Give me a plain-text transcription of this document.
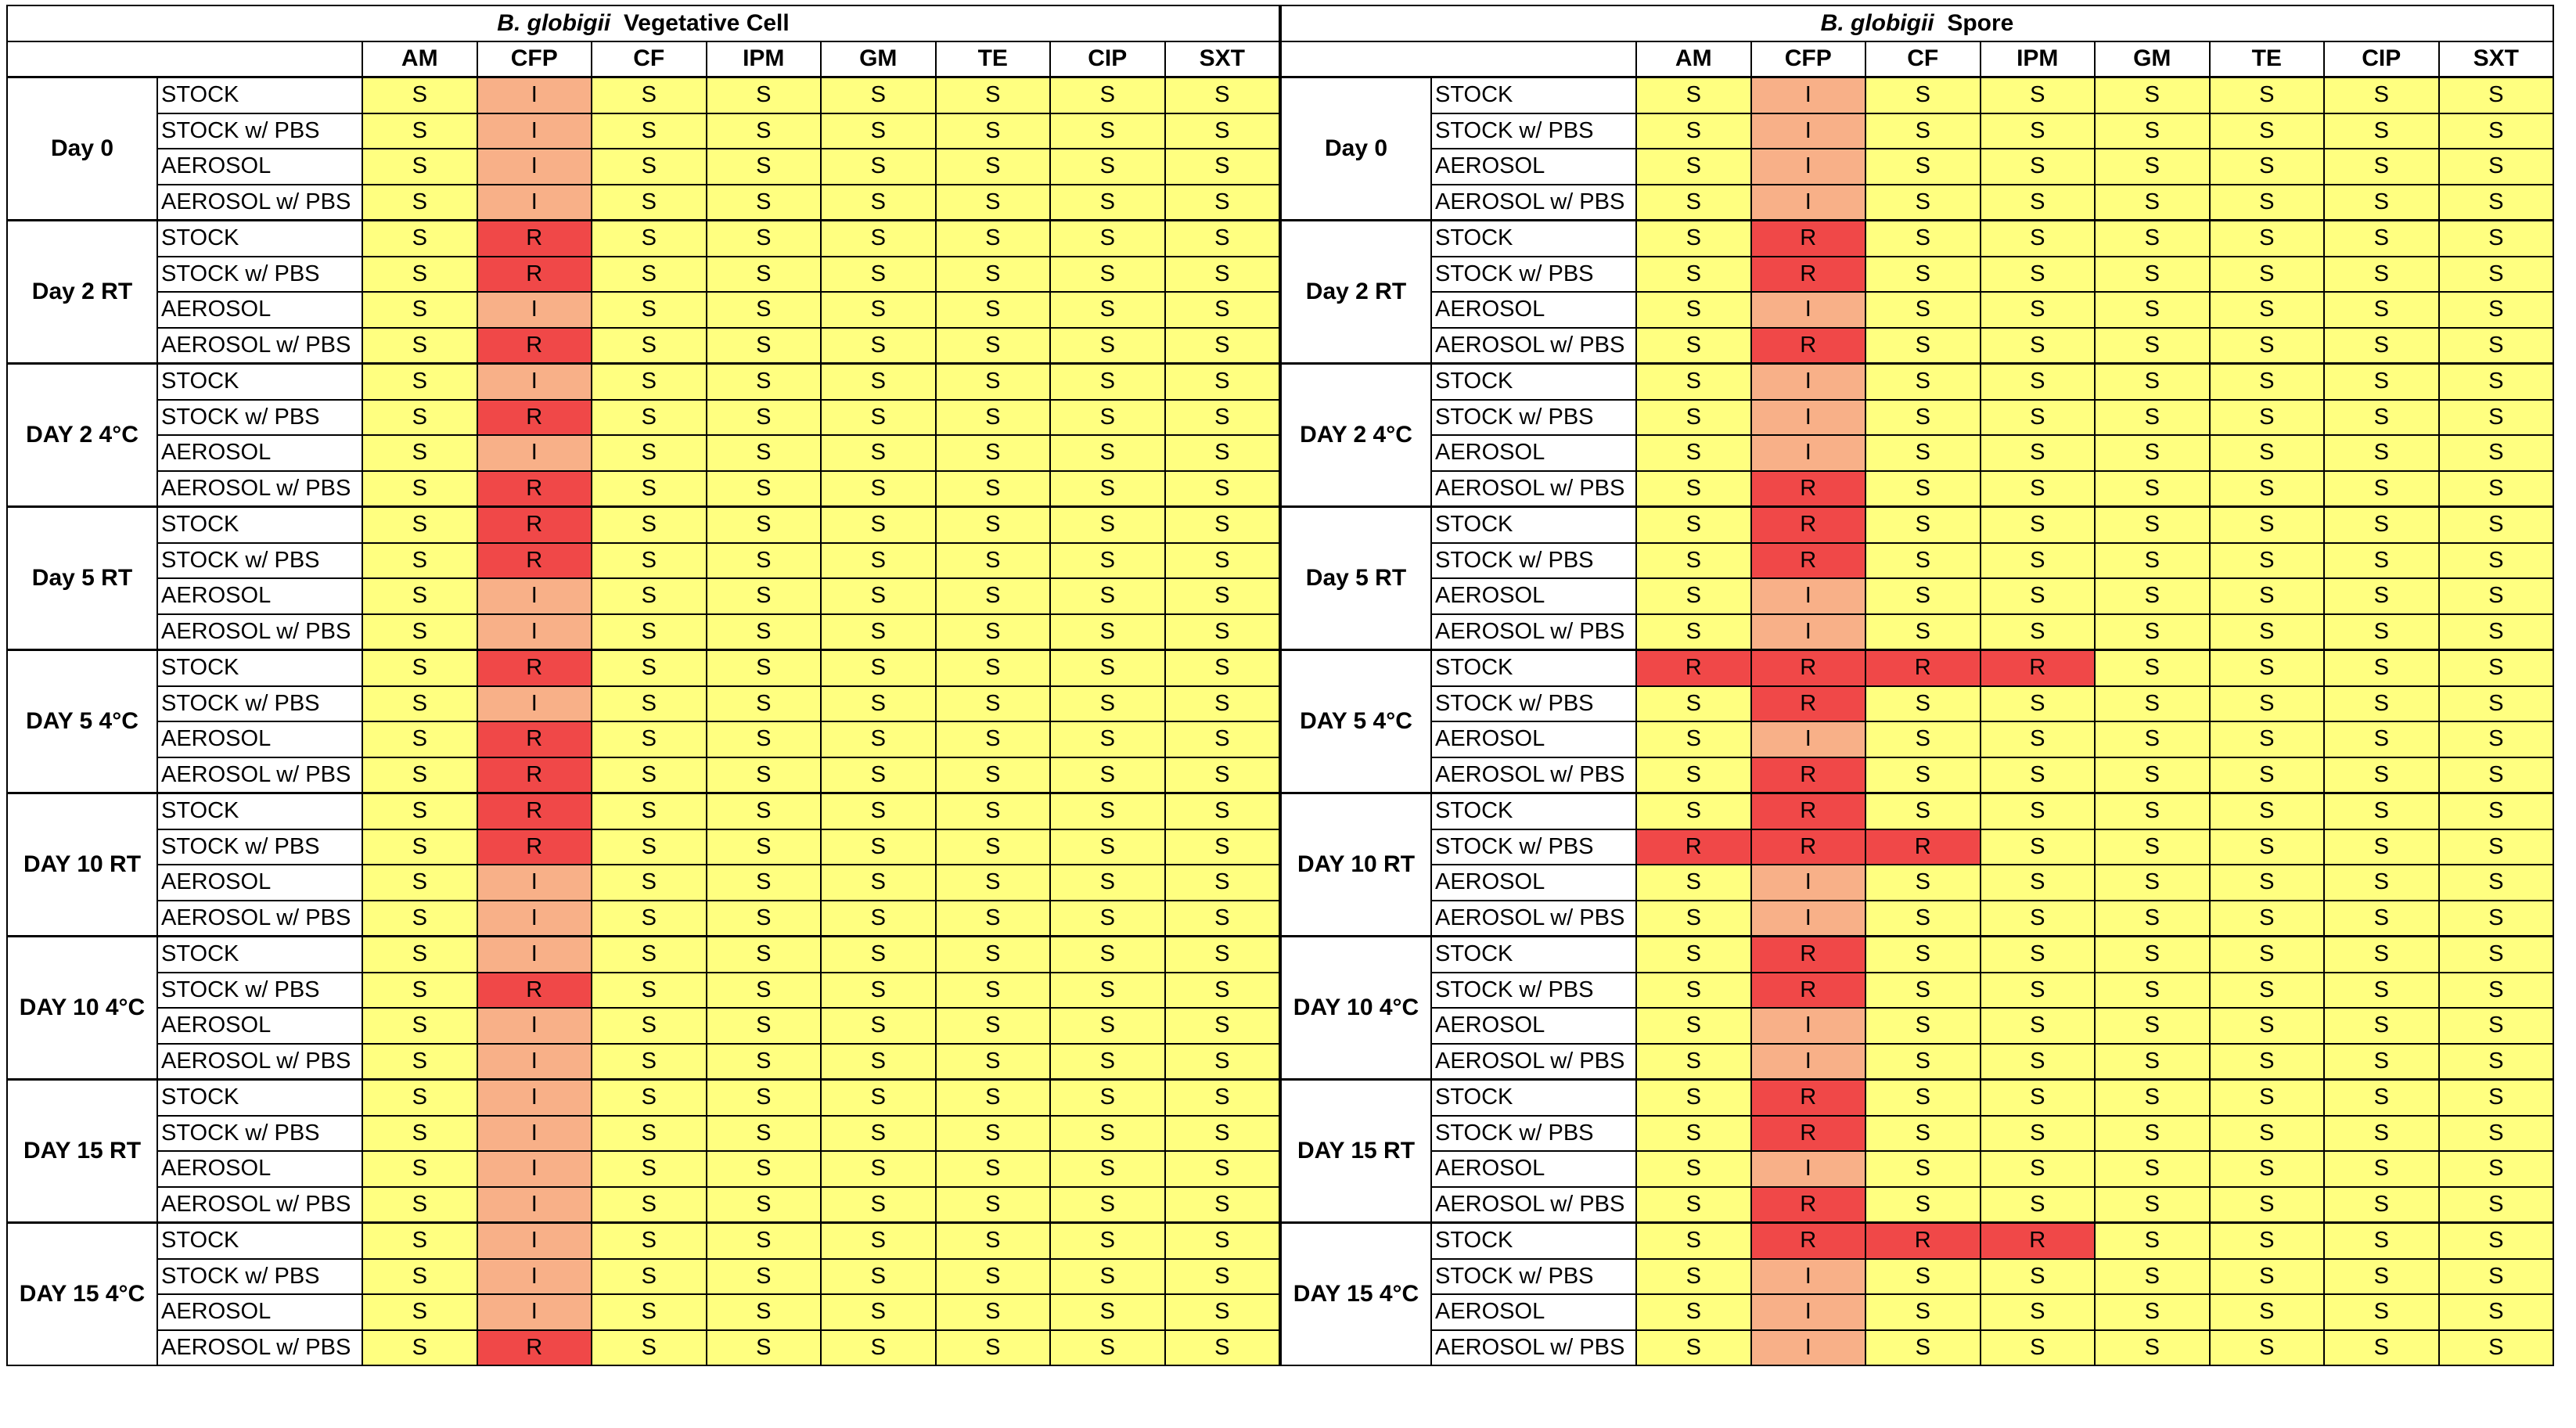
B. globigii Vegetative Cell									
		AM	CFP	CF	IPM	GM	TE	CIP	SXT
Day 0	STOCK	S	I	S	S	S	S	S	S
	STOCK w/ PBS	S	I	S	S	S	S	S	S
	AEROSOL	S	I	S	S	S	S	S	S
	AEROSOL w/ PBS	S	I	S	S	S	S	S	S
Day 2 RT	STOCK	S	R	S	S	S	S	S	S
	STOCK w/ PBS	S	R	S	S	S	S	S	S
	AEROSOL	S	I	S	S	S	S	S	S
	AEROSOL w/ PBS	S	R	S	S	S	S	S	S
DAY 2 4°C	STOCK	S	I	S	S	S	S	S	S
	STOCK w/ PBS	S	R	S	S	S	S	S	S
	AEROSOL	S	I	S	S	S	S	S	S
	AEROSOL w/ PBS	S	R	S	S	S	S	S	S
Day 5 RT	STOCK	S	R	S	S	S	S	S	S
	STOCK w/ PBS	S	R	S	S	S	S	S	S
	AEROSOL	S	I	S	S	S	S	S	S
	AEROSOL w/ PBS	S	I	S	S	S	S	S	S
DAY 5 4°C	STOCK	S	R	S	S	S	S	S	S
	STOCK w/ PBS	S	I	S	S	S	S	S	S
	AEROSOL	S	R	S	S	S	S	S	S
	AEROSOL w/ PBS	S	R	S	S	S	S	S	S
DAY 10 RT	STOCK	S	R	S	S	S	S	S	S
	STOCK w/ PBS	S	R	S	S	S	S	S	S
	AEROSOL	S	I	S	S	S	S	S	S
	AEROSOL w/ PBS	S	I	S	S	S	S	S	S
DAY 10 4°C	STOCK	S	I	S	S	S	S	S	S
	STOCK w/ PBS	S	R	S	S	S	S	S	S
	AEROSOL	S	I	S	S	S	S	S	S
	AEROSOL w/ PBS	S	I	S	S	S	S	S	S
DAY 15 RT	STOCK	S	I	S	S	S	S	S	S
	STOCK w/ PBS	S	I	S	S	S	S	S	S
	AEROSOL	S	I	S	S	S	S	S	S
	AEROSOL w/ PBS	S	I	S	S	S	S	S	S
DAY 15 4°C	STOCK	S	I	S	S	S	S	S	S
	STOCK w/ PBS	S	I	S	S	S	S	S	S
	AEROSOL	S	I	S	S	S	S	S	S
	AEROSOL w/ PBS	S	R	S	S	S	S	S	S
B. globigii Spore									
		AM	CFP	CF	IPM	GM	TE	CIP	SXT
Day 0	STOCK	S	I	S	S	S	S	S	S
	STOCK w/ PBS	S	I	S	S	S	S	S	S
	AEROSOL	S	I	S	S	S	S	S	S
	AEROSOL w/ PBS	S	I	S	S	S	S	S	S
Day 2 RT	STOCK	S	R	S	S	S	S	S	S
	STOCK w/ PBS	S	R	S	S	S	S	S	S
	AEROSOL	S	I	S	S	S	S	S	S
	AEROSOL w/ PBS	S	R	S	S	S	S	S	S
DAY 2 4°C	STOCK	S	I	S	S	S	S	S	S
	STOCK w/ PBS	S	I	S	S	S	S	S	S
	AEROSOL	S	I	S	S	S	S	S	S
	AEROSOL w/ PBS	S	R	S	S	S	S	S	S
Day 5 RT	STOCK	S	R	S	S	S	S	S	S
	STOCK w/ PBS	S	R	S	S	S	S	S	S
	AEROSOL	S	I	S	S	S	S	S	S
	AEROSOL w/ PBS	S	I	S	S	S	S	S	S
DAY 5 4°C	STOCK	R	R	R	R	S	S	S	S
	STOCK w/ PBS	S	R	S	S	S	S	S	S
	AEROSOL	S	I	S	S	S	S	S	S
	AEROSOL w/ PBS	S	R	S	S	S	S	S	S
DAY 10 RT	STOCK	S	R	S	S	S	S	S	S
	STOCK w/ PBS	R	R	R	S	S	S	S	S
	AEROSOL	S	I	S	S	S	S	S	S
	AEROSOL w/ PBS	S	I	S	S	S	S	S	S
DAY 10 4°C	STOCK	S	R	S	S	S	S	S	S
	STOCK w/ PBS	S	R	S	S	S	S	S	S
	AEROSOL	S	I	S	S	S	S	S	S
	AEROSOL w/ PBS	S	I	S	S	S	S	S	S
DAY 15 RT	STOCK	S	R	S	S	S	S	S	S
	STOCK w/ PBS	S	R	S	S	S	S	S	S
	AEROSOL	S	I	S	S	S	S	S	S
	AEROSOL w/ PBS	S	R	S	S	S	S	S	S
DAY 15 4°C	STOCK	S	R	R	R	S	S	S	S
	STOCK w/ PBS	S	I	S	S	S	S	S	S
	AEROSOL	S	I	S	S	S	S	S	S
	AEROSOL w/ PBS	S	I	S	S	S	S	S	S
